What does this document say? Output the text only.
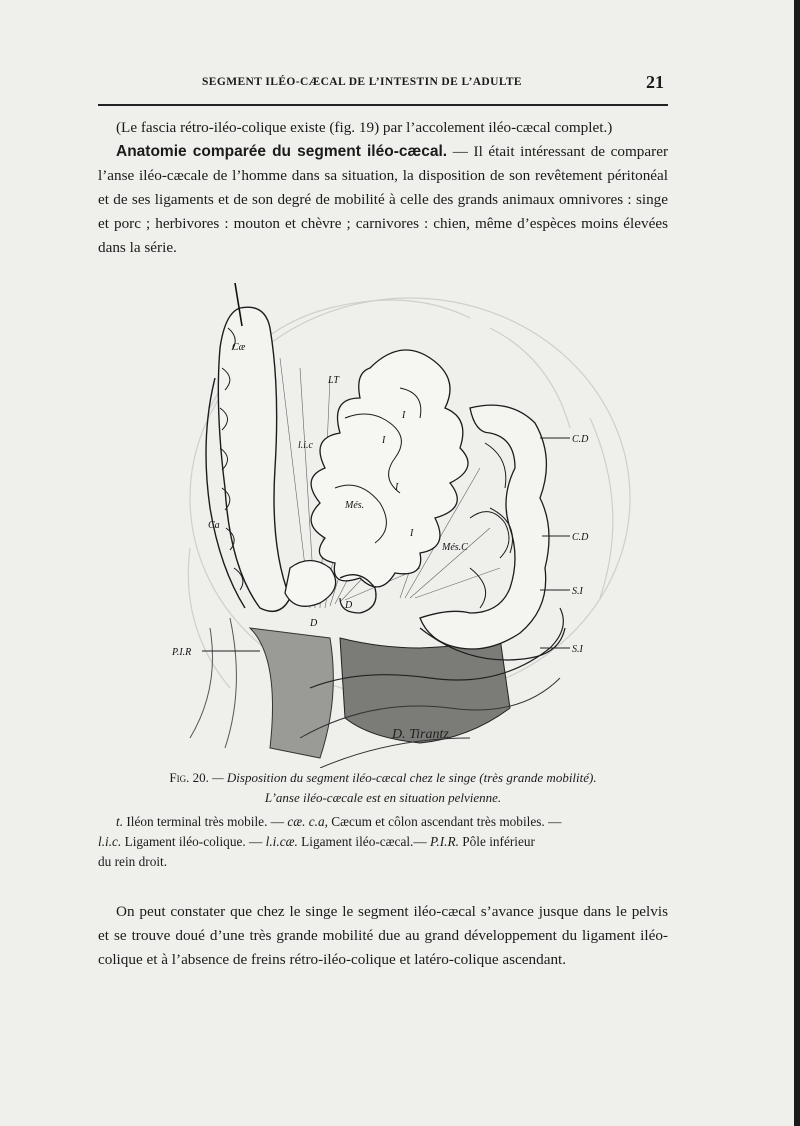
SEGMENT ILÉO-CÆCAL DE L’INTESTIN DE L’ADULTE	21
(Le fascia rétro-iléo-colique existe (fig. 19) par l’accolement iléo-cæcal complet.)
Anatomie comparée du segment iléo-cæcal. — Il était intéressant de comparer l’anse iléo-cæcale de l’homme dans sa situation, la disposition de son revêtement péritonéal et de ses ligaments et de son degré de mobilité à celle des grands animaux omnivores : singe et porc ; herbivores : mouton et chèvre ; carnivores : chien, même d’espèces moins élevées dans la série.
Cæ
Ca
LT
l.i.c
Més.
Més.C
I
I
I
I
D
D
C.D
C.D
S.I
S.I
P.I.R
D. Tirantz
Fig. 20. — Disposition du segment iléo-cæcal chez le singe (très grande mobilité).
L’anse iléo-cæcale est en situation pelvienne.
t. Iléon terminal très mobile. — cæ. c.a, Cæcum et côlon ascendant très mobiles. —
l.i.c. Ligament iléo-colique. — l.i.cæ. Ligament iléo-cæcal.— P.I.R. Pôle inférieur
du rein droit.
On peut constater que chez le singe le segment iléo-cæcal s’avance jusque dans le pelvis et se trouve doué d’une très grande mobilité due au grand développement du ligament iléo-colique et à l’absence de freins rétro-iléo-colique et latéro-colique ascendant.
